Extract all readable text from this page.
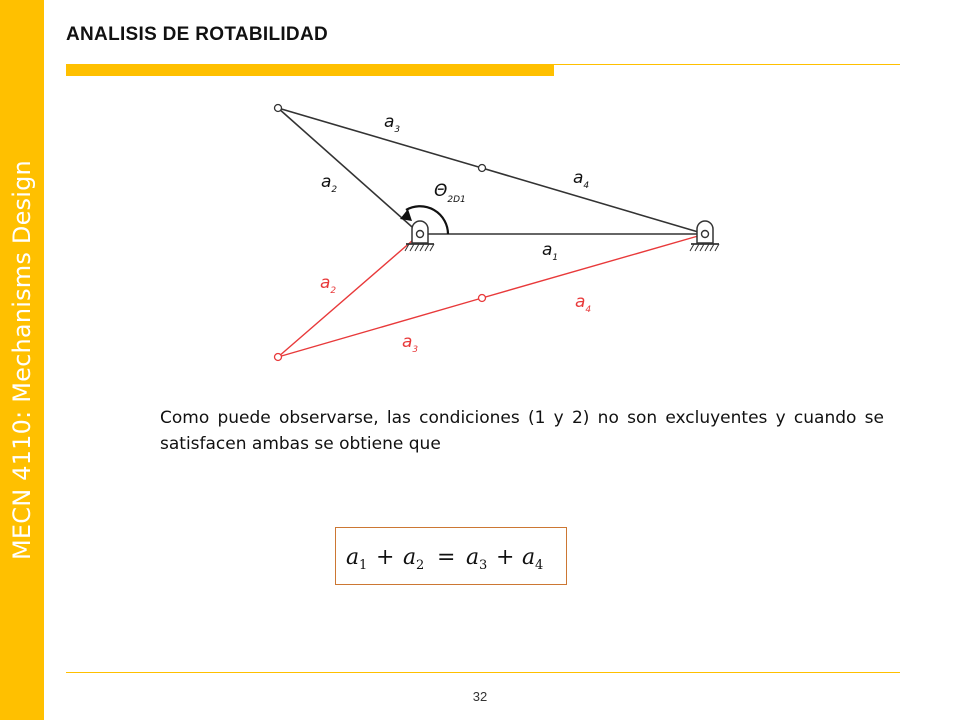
MECN 4110: Mechanisms Design
ANALISIS DE ROTABILIDAD
$a_3$
$a_4$
$a_2$	$\Theta_{2D1}$
$a_1$
$a_2$
$a_4$
$a_3$
Como puede observarse, las condiciones (1 y 2) no son excluyentes y cuando se satisfacen ambas se obtiene que
a 1 + a 2 = a 3 + a 4
32
